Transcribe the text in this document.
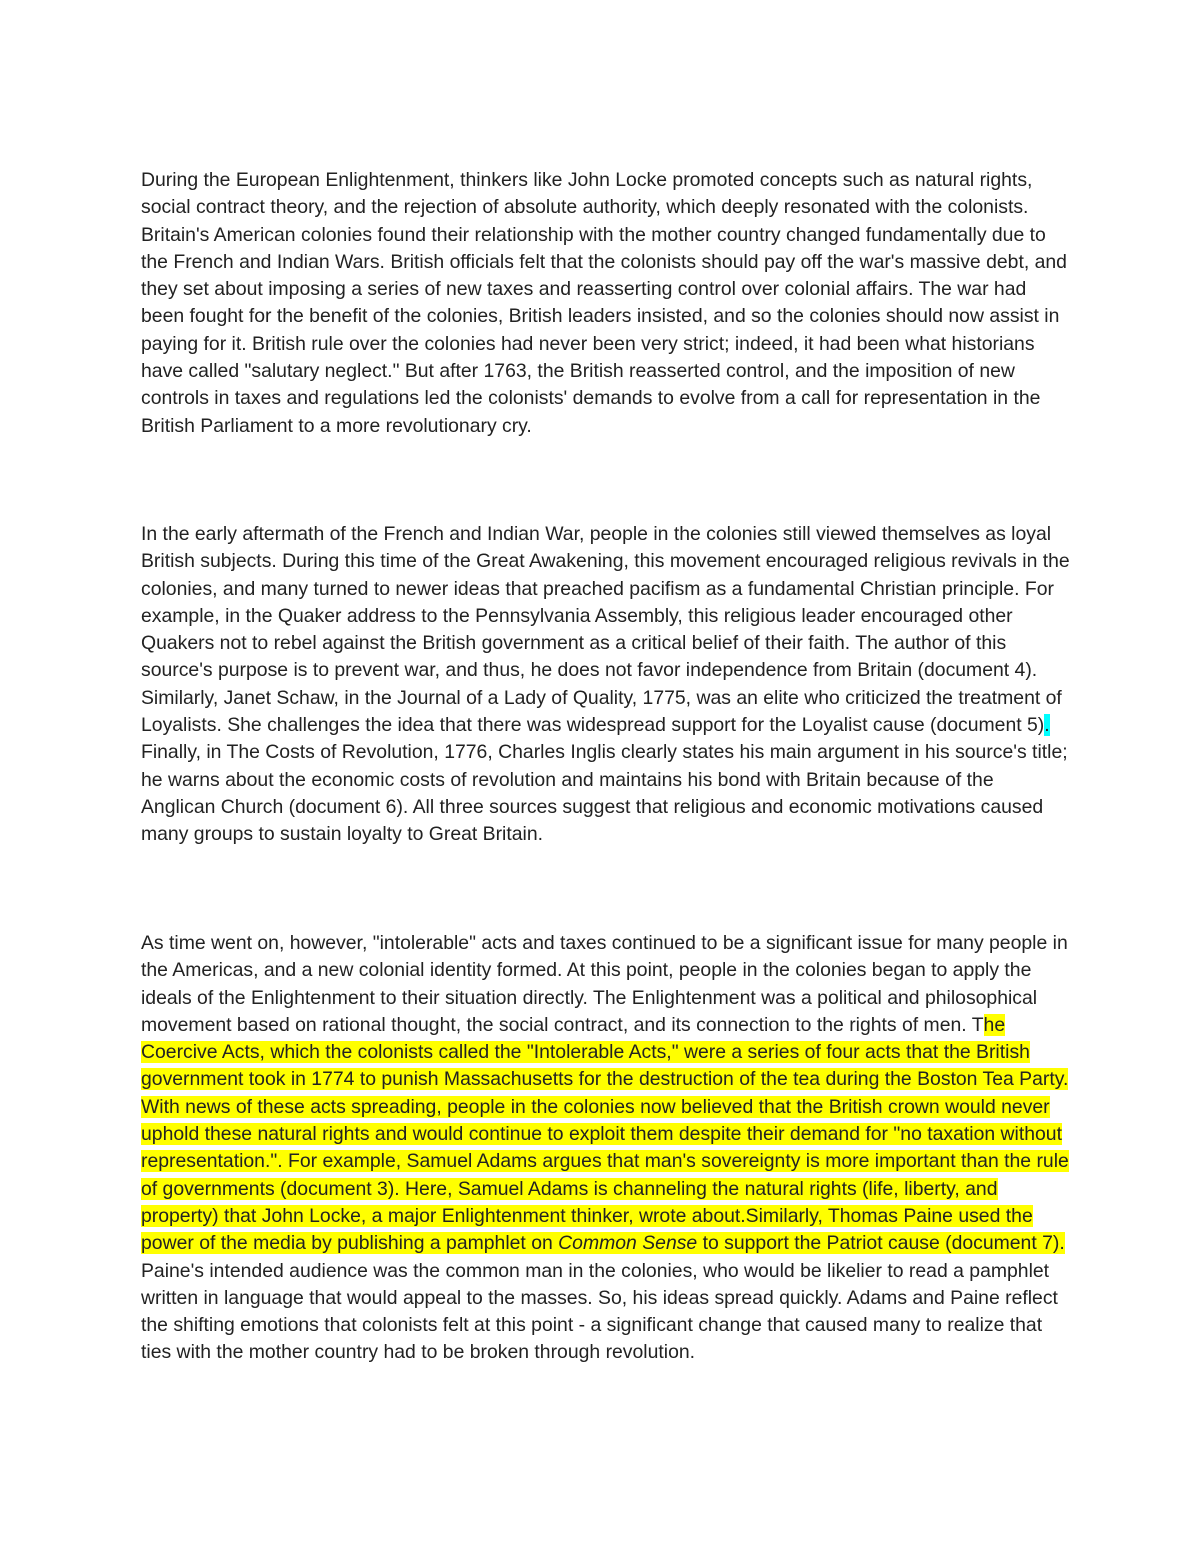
During the European Enlightenment, thinkers like John Locke promoted concepts such as natural rights, social contract theory, and the rejection of absolute authority, which deeply resonated with the colonists. Britain's American colonies found their relationship with the mother country changed fundamentally due to the French and Indian Wars. British officials felt that the colonists should pay off the war's massive debt, and they set about imposing a series of new taxes and reasserting control over colonial affairs. The war had been fought for the benefit of the colonies, British leaders insisted, and so the colonies should now assist in paying for it. British rule over the colonies had never been very strict; indeed, it had been what historians have called "salutary neglect." But after 1763, the British reasserted control, and the imposition of new controls in taxes and regulations led the colonists' demands to evolve from a call for representation in the British Parliament to a more revolutionary cry.

In the early aftermath of the French and Indian War, people in the colonies still viewed themselves as loyal British subjects. During this time of the Great Awakening, this movement encouraged religious revivals in the colonies, and many turned to newer ideas that preached pacifism as a fundamental Christian principle. For example, in the Quaker address to the Pennsylvania Assembly, this religious leader encouraged other Quakers not to rebel against the British government as a critical belief of their faith. The author of this source's purpose is to prevent war, and thus, he does not favor independence from Britain (document 4). Similarly, Janet Schaw, in the Journal of a Lady of Quality, 1775, was an elite who criticized the treatment of Loyalists. She challenges the idea that there was widespread support for the Loyalist cause (document 5). Finally, in The Costs of Revolution, 1776, Charles Inglis clearly states his main argument in his source's title; he warns about the economic costs of revolution and maintains his bond with Britain because of the Anglican Church (document 6). All three sources suggest that religious and economic motivations caused many groups to sustain loyalty to Great Britain.

As time went on, however, "intolerable" acts and taxes continued to be a significant issue for many people in the Americas, and a new colonial identity formed. At this point, people in the colonies began to apply the ideals of the Enlightenment to their situation directly. The Enlightenment was a political and philosophical movement based on rational thought, the social contract, and its connection to the rights of men. The Coercive Acts, which the colonists called the "Intolerable Acts," were a series of four acts that the British government took in 1774 to punish Massachusetts for the destruction of the tea during the Boston Tea Party. With news of these acts spreading, people in the colonies now believed that the British crown would never uphold these natural rights and would continue to exploit them despite their demand for "no taxation without representation.". For example, Samuel Adams argues that man's sovereignty is more important than the rule of governments (document 3). Here, Samuel Adams is channeling the natural rights (life, liberty, and property) that John Locke, a major Enlightenment thinker, wrote about.Similarly, Thomas Paine used the power of the media by publishing a pamphlet on Common Sense to support the Patriot cause (document 7). Paine's intended audience was the common man in the colonies, who would be likelier to read a pamphlet written in language that would appeal to the masses. So, his ideas spread quickly. Adams and Paine reflect the shifting emotions that colonists felt at this point - a significant change that caused many to realize that ties with the mother country had to be broken through revolution.
